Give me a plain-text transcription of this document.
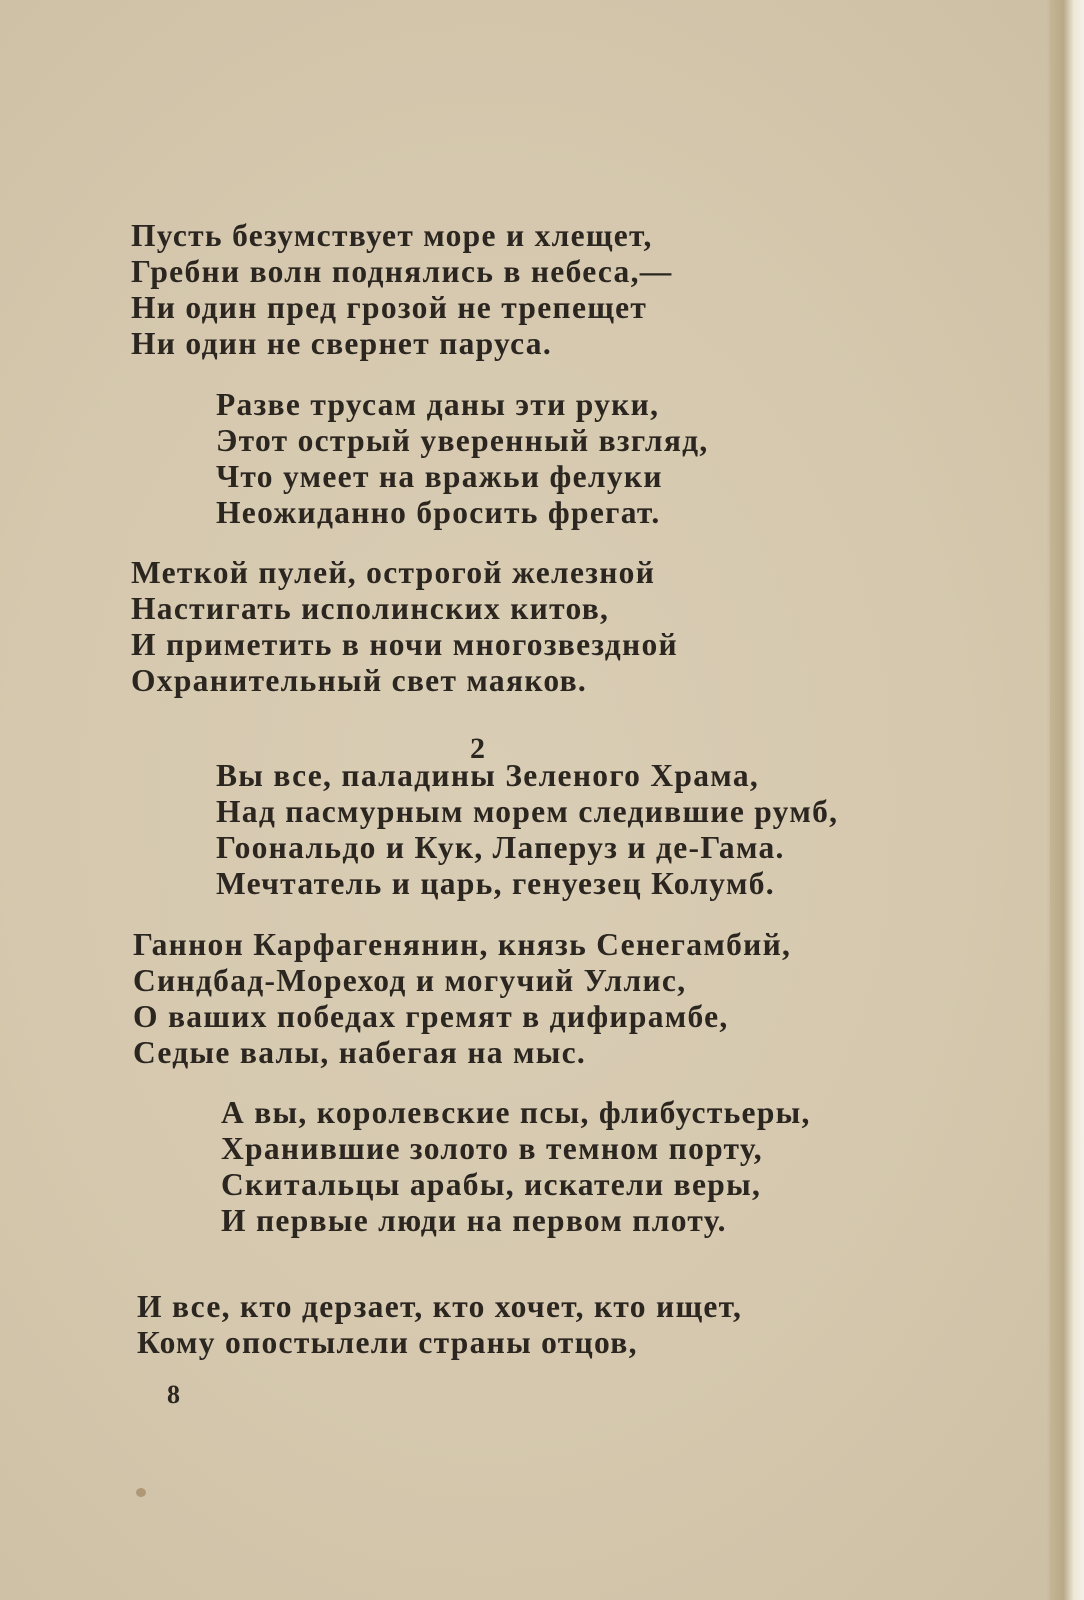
Пусть безумствует море и хлещет,
Гребни волн поднялись в небеса,—
Ни один пред грозой не трепещет
Ни один не свернет паруса.
Разве трусам даны эти руки,
Этот острый уверенный взгляд,
Что умеет на вражьи фелуки
Неожиданно бросить фрегат.
Меткой пулей, острогой железной
Настигать исполинских китов,
И приметить в ночи многозвездной
Охранительный свет маяков.
2
Вы все, паладины Зеленого Храма,
Над пасмурным морем следившие румб,
Гоональдо и Кук, Лаперуз и де-Гама.
Мечтатель и царь, генуезец Колумб.
Ганнон Карфагенянин, князь Сенегамбий,
Синдбад-Мореход и могучий Уллис,
О ваших победах гремят в дифирамбе,
Седые валы, набегая на мыс.
А вы, королевские псы, флибустьеры,
Хранившие золото в темном порту,
Скитальцы арабы, искатели веры,
И первые люди на первом плоту.
И все, кто дерзает, кто хочет, кто ищет,
Кому опостылели страны отцов,
8
